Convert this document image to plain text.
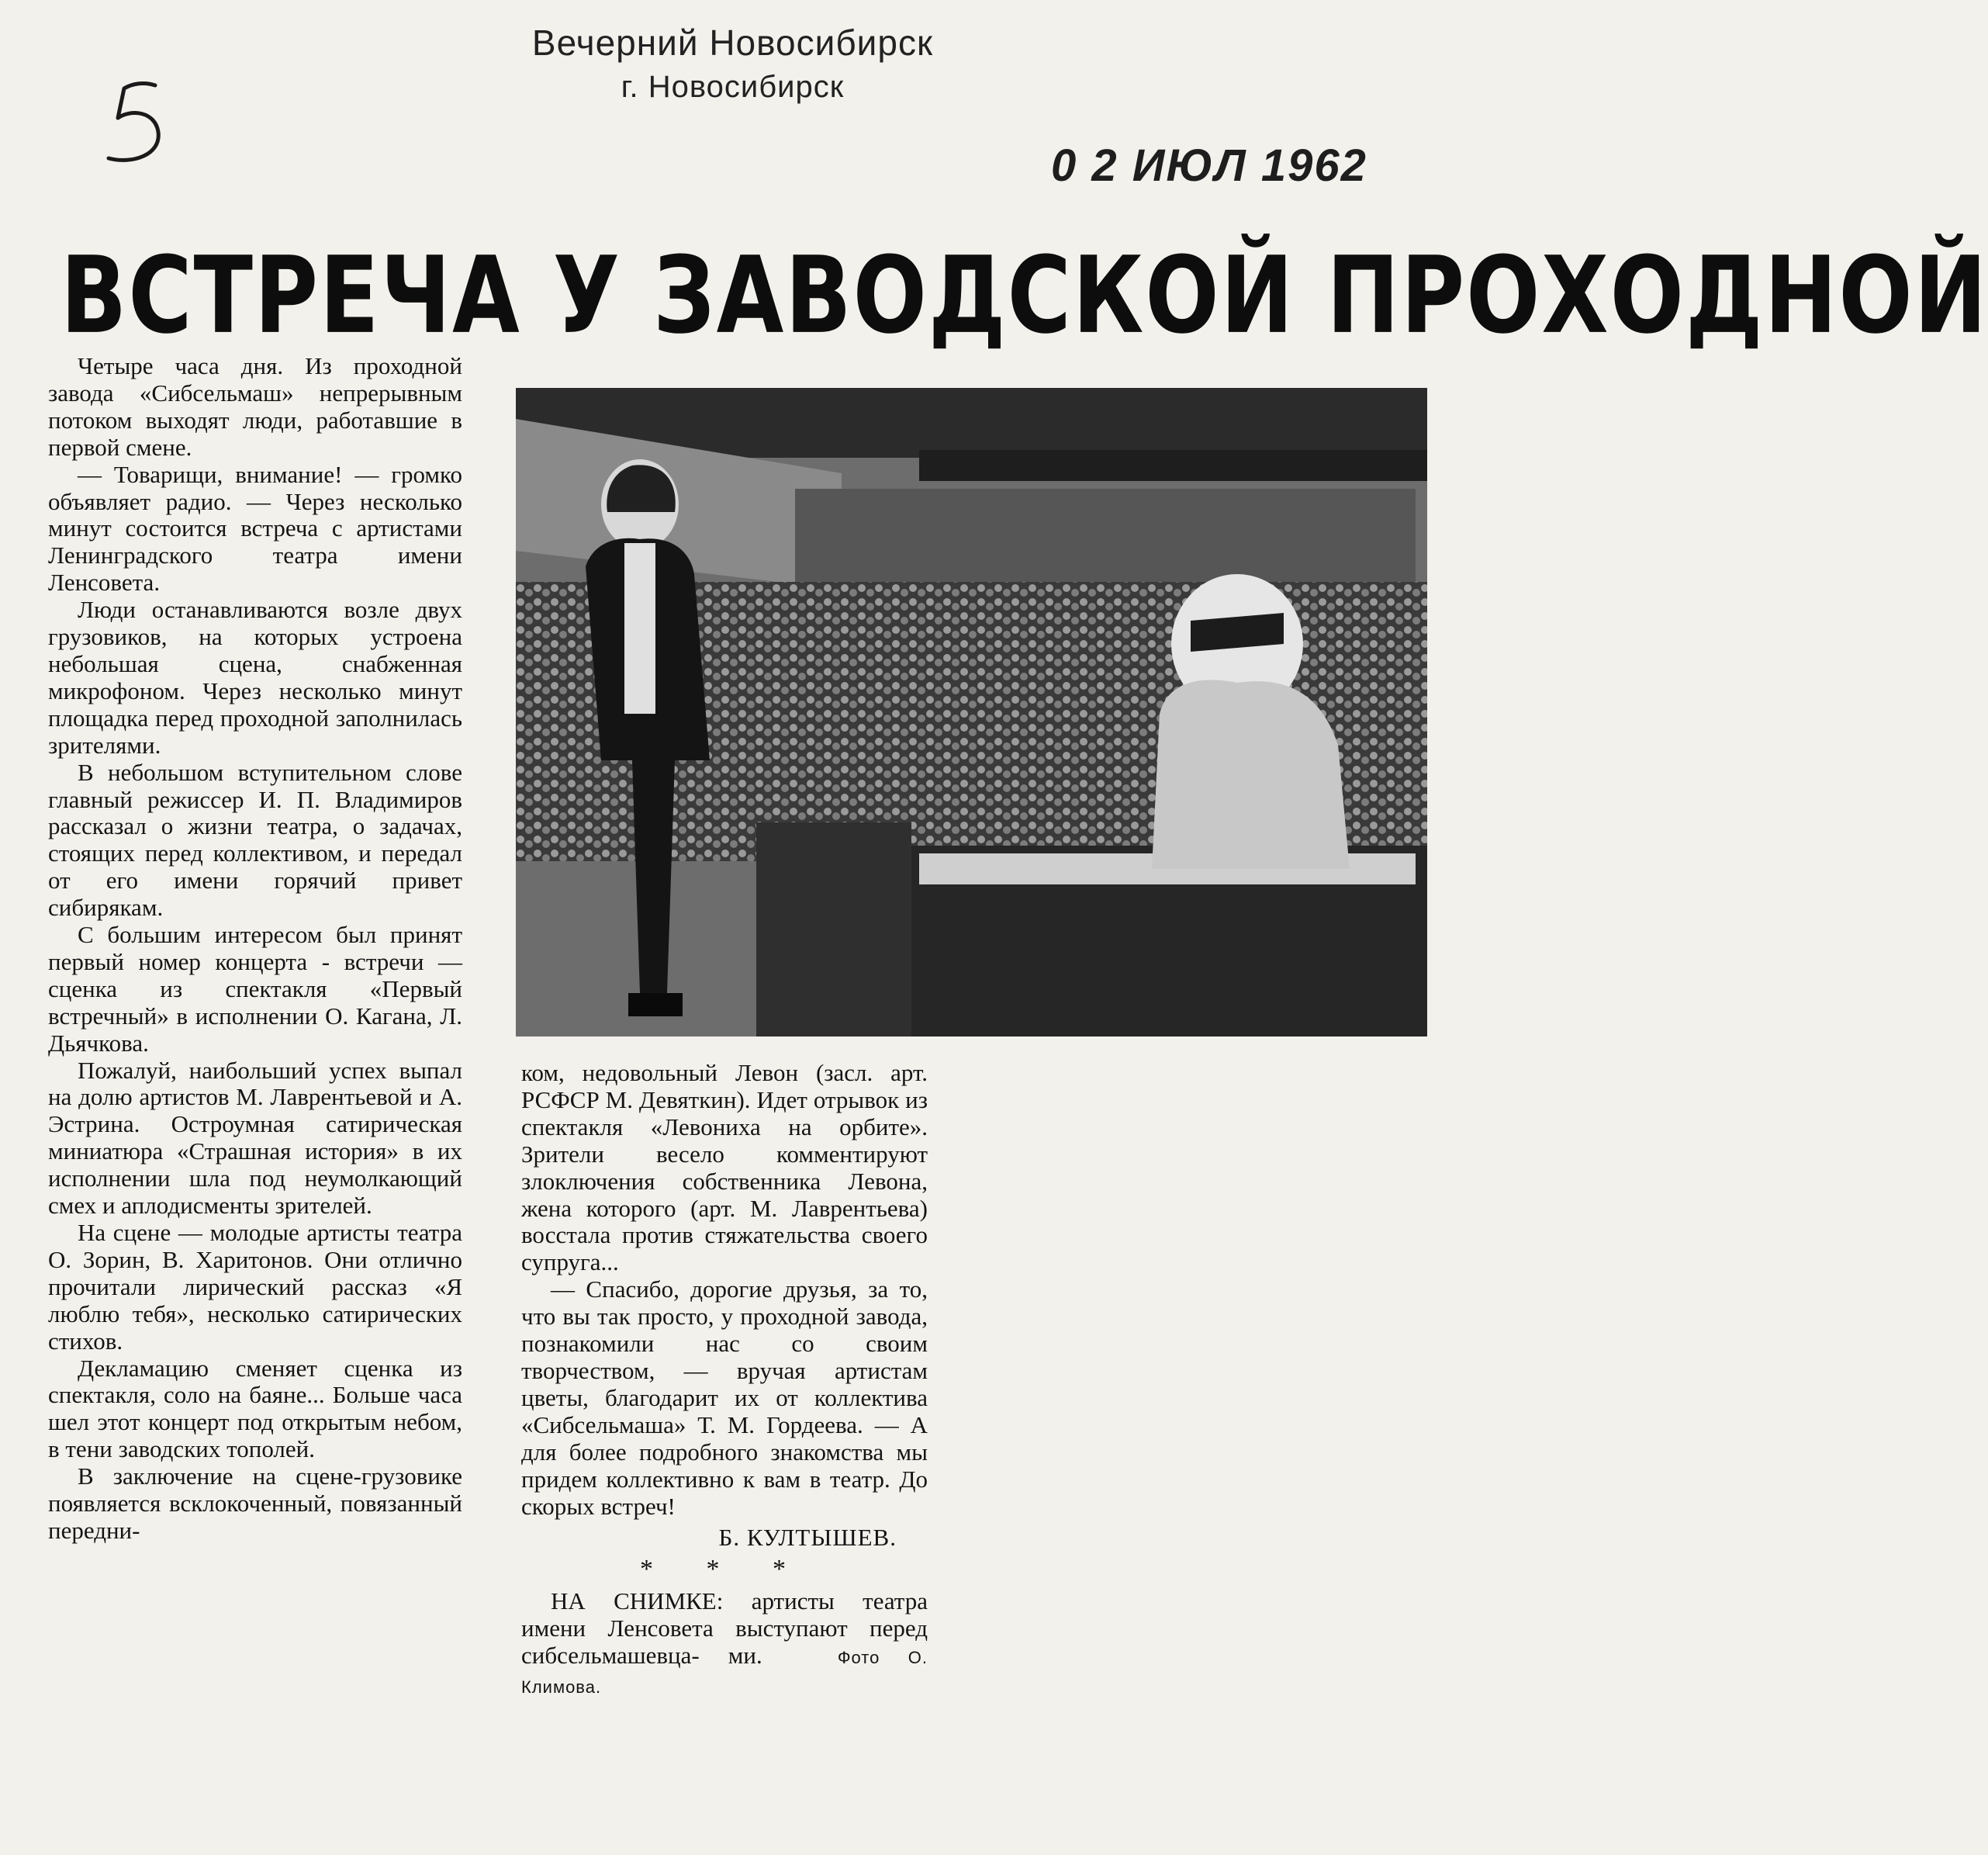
Вечерний Новосибирск
г. Новосибирск
0 2 ИЮЛ 1962
ВСТРЕЧА У ЗАВОДСКОЙ ПРОХОДНОЙ

Четыре часа дня. Из проходной завода «Сибсельмаш» непрерывным потоком выходят люди, работавшие в первой смене.

— Товарищи, внимание! — громко объявляет радио. — Через несколько минут состоится встреча с артистами Ленинградского театра имени Ленсовета.

Люди останавливаются возле двух грузовиков, на которых устроена небольшая сцена, снабженная микрофоном. Через несколько минут площадка перед проходной заполнилась зрителями.

В небольшом вступительном слове главный режиссер И. П. Владимиров рассказал о жизни театра, о задачах, стоящих перед коллективом, и передал от его имени горячий привет сибирякам.

С большим интересом был принят первый номер концерта - встречи — сценка из спектакля «Первый встречный» в исполнении О. Кагана, Л. Дьячкова.

Пожалуй, наибольший успех выпал на долю артистов М. Лаврентьевой и А. Эстрина. Остроумная сатирическая миниатюра «Страшная история» в их исполнении шла под неумолкающий смех и аплодисменты зрителей.

На сцене — молодые артисты театра О. Зорин, В. Харитонов. Они отлично прочитали лирический рассказ «Я люблю тебя», несколько сатирических стихов.

Декламацию сменяет сценка из спектакля, соло на баяне... Больше часа шел этот концерт под открытым небом, в тени заводских тополей.

В заключение на сцене-грузовике появляется всклокоченный, повязанный передни-

ком, недовольный Левон (засл. арт. РСФСР М. Девяткин). Идет отрывок из спектакля «Левониха на орбите». Зрители весело комментируют злоключения собственника Левона, жена которого (арт. М. Лаврентьева) восстала против стяжательства своего супруга...

— Спасибо, дорогие друзья, за то, что вы так просто, у проходной завода, познакомили нас со своим творчеством, — вручая артистам цветы, благодарит их от коллектива «Сибсельмаша» Т. М. Гордеева. — А для более подробного знакомства мы придем коллективно к вам в театр. До скорых встреч!

Б. КУЛТЫШЕВ.
* * *

НА СНИМКЕ: артисты театра имени Ленсовета выступают перед сибсельмашевца- ми.	Фото О. Климова.
